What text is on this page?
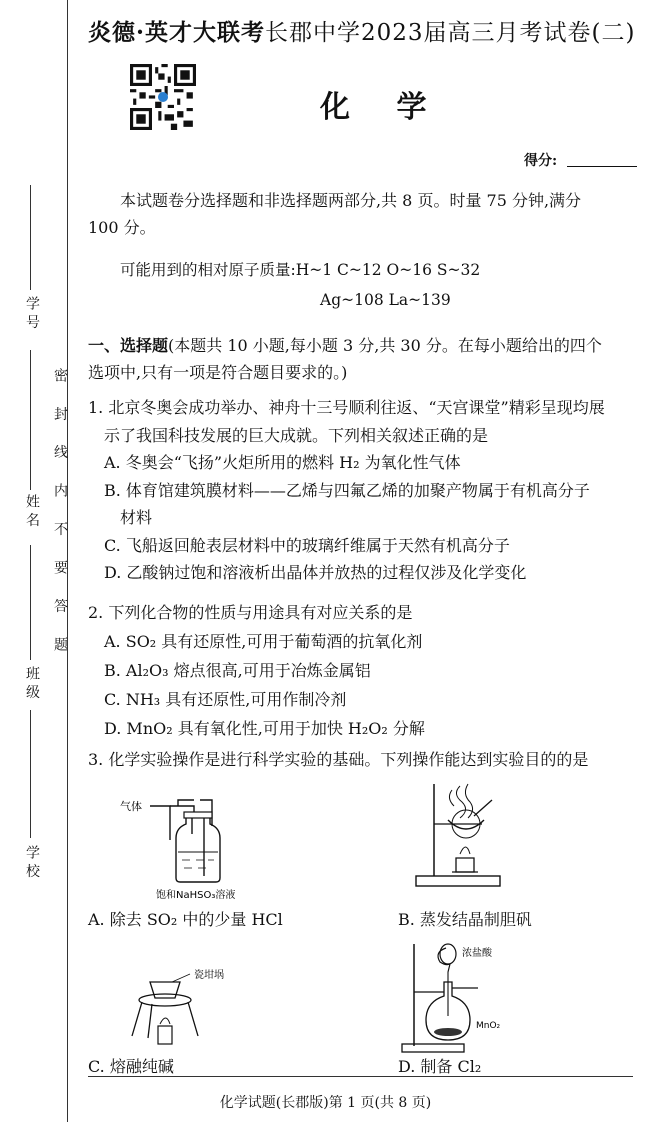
密 封 线 内 不 要 答 题
学 号
姓 名
班 级
学 校
炎德·英才大联考长郡中学2023届高三月考试卷(二)
化 学
得分:
本试题卷分选择题和非选择题两部分,共 8 页。时量 75 分钟,满分
100 分。
可能用到的相对原子质量:H~1 C~12 O~16 S~32
Ag~108 La~139
一、选择题(本题共 10 小题,每小题 3 分,共 30 分。在每小题给出的四个
选项中,只有一项是符合题目要求的。)
1. 北京冬奥会成功举办、神舟十三号顺利往返、“天宫课堂”精彩呈现均展
示了我国科技发展的巨大成就。下列相关叙述正确的是
A. 冬奥会“飞扬”火炬所用的燃料 H₂ 为氧化性气体
B. 体育馆建筑膜材料——乙烯与四氟乙烯的加聚产物属于有机高分子
材料
C. 飞船返回舱表层材料中的玻璃纤维属于天然有机高分子
D. 乙酸钠过饱和溶液析出晶体并放热的过程仅涉及化学变化
2. 下列化合物的性质与用途具有对应关系的是
A. SO₂ 具有还原性,可用于葡萄酒的抗氧化剂
B. Al₂O₃ 熔点很高,可用于冶炼金属铝
C. NH₃ 具有还原性,可用作制冷剂
D. MnO₂ 具有氧化性,可用于加快 H₂O₂ 分解
3. 化学实验操作是进行科学实验的基础。下列操作能达到实验目的的是
气体
饱和NaHSO₃溶液
A. 除去 SO₂ 中的少量 HCl	B. 蒸发结晶制胆矾
瓷坩埚
浓盐酸
MnO₂
C. 熔融纯碱	D. 制备 Cl₂
化学试题(长郡版)第 1 页(共 8 页)
